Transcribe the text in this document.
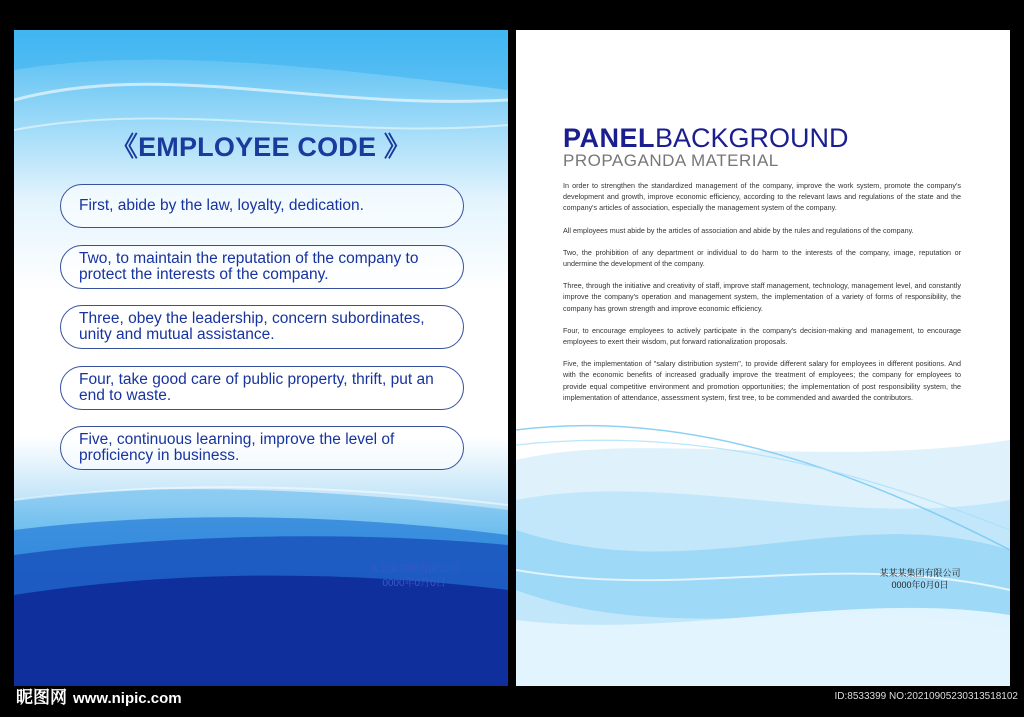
《EMPLOYEE CODE 》
First, abide by the law, loyalty, dedication.
Two, to maintain the reputation of the company to protect the interests of the company.
Three, obey the leadership, concern subordinates, unity and mutual assistance.
Four, take good care of public property, thrift, put an end to waste.
Five, continuous learning, improve the level of proficiency in business.
某某某集团有限公司
0000年0月0日
PANELBACKGROUND
PROPAGANDA MATERIAL

In order to strengthen the standardized management of the company, improve the work system, promote the company's development and growth, improve economic efficiency, according to the relevant laws and regulations of the state and the company's articles of association, especially the management system of the company.

All employees must abide by the articles of association and abide by the rules and regulations of the company.

Two, the prohibition of any department or individual to do harm to the interests of the company, image, reputation or undermine the development of the company.

Three, through the initiative and creativity of staff, improve staff management, technology, management level, and constantly improve the company's operation and management system, the implementation of a variety of forms of responsibility, the company has grown strength and improve economic efficiency.

Four, to encourage employees to actively participate in the company's decision-making and management, to encourage employees to exert their wisdom, put forward rationalization proposals.

Five, the implementation of "salary distribution system", to provide different salary for employees in different positions. And with the economic benefits of increased gradually improve the treatment of employees; the company for employees to provide equal competitive environment and promotion opportunities; the implementation of post responsibility system, the implementation of attendance, assessment system, first tree, to be commended and awarded the contributors.

某某某集团有限公司
0000年0月0日
昵图网 www.nipic.com	ID:8533399 NO:20210905230313518102
